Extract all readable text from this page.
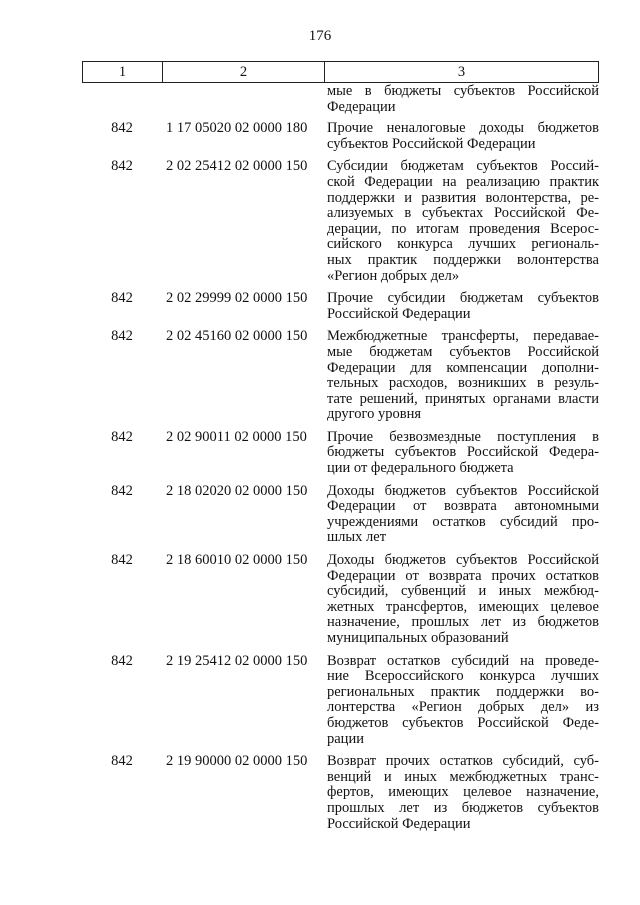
176
1	2	3
мые в бюджеты субъектов Российской
Федерации
842	1 17 05020 02 0000 180	Прочие неналоговые доходы бюджетов
субъектов Российской Федерации
842	2 02 25412 02 0000 150	Субсидии бюджетам субъектов Россий-
ской Федерации на реализацию практик
поддержки и развития волонтерства, ре-
ализуемых в субъектах Российской Фе-
дерации, по итогам проведения Всерос-
сийского конкурса лучших региональ-
ных практик поддержки волонтерства
«Регион добрых дел»
842	2 02 29999 02 0000 150	Прочие субсидии бюджетам субъектов
Российской Федерации
842	2 02 45160 02 0000 150	Межбюджетные трансферты, передавае-
мые бюджетам субъектов Российской
Федерации для компенсации дополни-
тельных расходов, возникших в резуль-
тате решений, принятых органами власти
другого уровня
842	2 02 90011 02 0000 150	Прочие безвозмездные поступления в
бюджеты субъектов Российской Федера-
ции от федерального бюджета
842	2 18 02020 02 0000 150	Доходы бюджетов субъектов Российской
Федерации от возврата автономными
учреждениями остатков субсидий про-
шлых лет
842	2 18 60010 02 0000 150	Доходы бюджетов субъектов Российской
Федерации от возврата прочих остатков
субсидий, субвенций и иных межбюд-
жетных трансфертов, имеющих целевое
назначение, прошлых лет из бюджетов
муниципальных образований
842	2 19 25412 02 0000 150	Возврат остатков субсидий на проведе-
ние Всероссийского конкурса лучших
региональных практик поддержки во-
лонтерства «Регион добрых дел» из
бюджетов субъектов Российской Феде-
рации
842	2 19 90000 02 0000 150	Возврат прочих остатков субсидий, суб-
венций и иных межбюджетных транс-
фертов, имеющих целевое назначение,
прошлых лет из бюджетов субъектов
Российской Федерации
